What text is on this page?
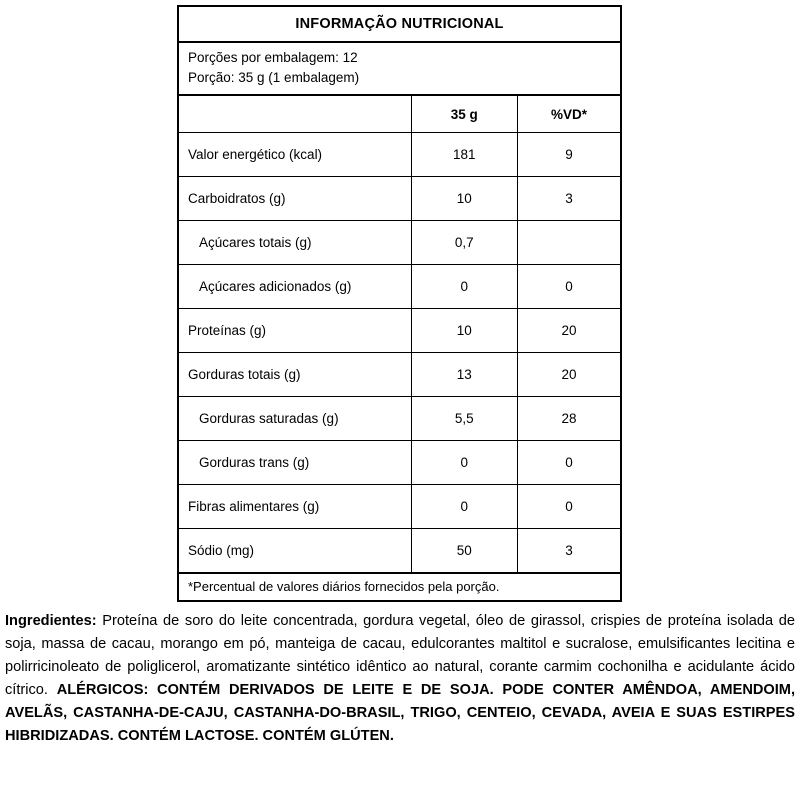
INFORMAÇÃO NUTRICIONAL		

Porções por embalagem: 12
Porção: 35 g (1 embalagem)		

	35 g	%VD*
Valor energético (kcal)	181	9
Carboidratos (g)	10	3
Açúcares totais (g)	0,7	
Açúcares adicionados (g)	0	0
Proteínas (g)	10	20
Gorduras totais (g)	13	20
Gorduras saturadas (g)	5,5	28
Gorduras trans (g)	0	0
Fibras alimentares (g)	0	0
Sódio (mg)	50	3
*Percentual de valores diários fornecidos pela porção.		
Ingredientes: Proteína de soro do leite concentrada, gordura vegetal, óleo de girassol, crispies de proteína isolada de soja, massa de cacau, morango em pó, manteiga de cacau, edulcorantes maltitol e sucralose, emulsificantes lecitina e polirricinoleato de poliglicerol, aromatizante sintético idêntico ao natural, corante carmim cochonilha e acidulante ácido cítrico. ALÉRGICOS: CONTÉM DERIVADOS DE LEITE E DE SOJA. PODE CONTER AMÊNDOA, AMENDOIM, AVELÃS, CASTANHA-DE-CAJU, CASTANHA-DO-BRASIL, TRIGO, CENTEIO, CEVADA, AVEIA E SUAS ESTIRPES HIBRIDIZADAS. CONTÉM LACTOSE. CONTÉM GLÚTEN.
